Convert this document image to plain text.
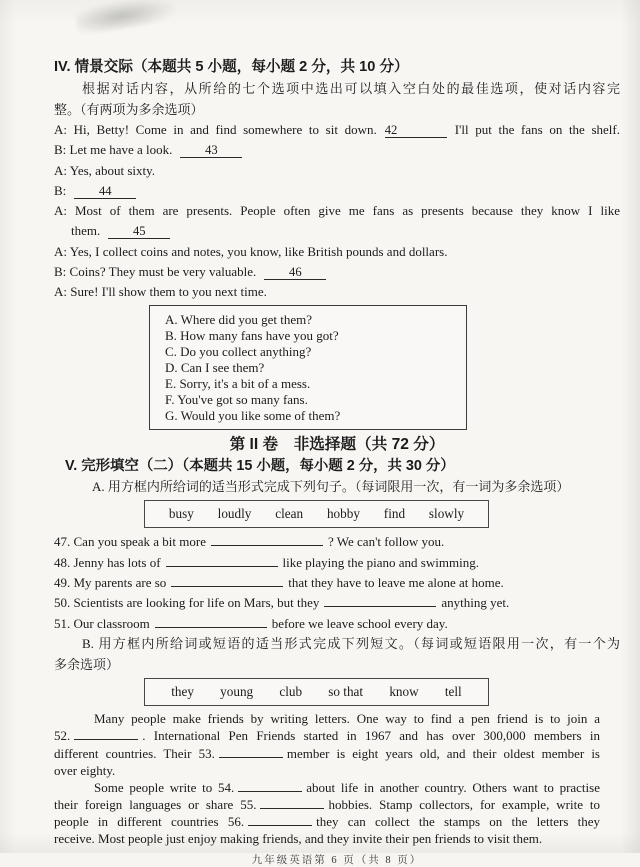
IV. 情景交际（本题共 5 小题，每小题 2 分，共 10 分）
根据对话内容，从所给的七个选项中选出可以填入空白处的最佳选项，使对话内容完
整。（有两项为多余选项）
A: Hi, Betty! Come in and find somewhere to sit down. 42	I'll put the fans on the shelf.
B: Let me have a look.	43
A: Yes, about sixty.
B:	44
A: Most of them are presents. People often give me fans as presents because they know I like
them.	45
A: Yes, I collect coins and notes, you know, like British pounds and dollars.
B: Coins? They must be very valuable.	46
A: Sure! I'll show them to you next time.
A. Where did you get them?
B. How many fans have you got?
C. Do you collect anything?
D. Can I see them?
E. Sorry, it's a bit of a mess.
F. You've got so many fans.
G. Would you like some of them?
第 II 卷　非选择题（共 72 分）
V. 完形填空（二）（本题共 15 小题，每小题 2 分，共 30 分）
A. 用方框内所给词的适当形式完成下列句子。（每词限用一次，有一词为多余选项）
busy loudly clean hobby find slowly
47. Can you speak a bit more	? We can't follow you.
48. Jenny has lots of	like playing the piano and swimming.
49. My parents are so	that they have to leave me alone at home.
50. Scientists are looking for life on Mars, but they	anything yet.
51. Our classroom	before we leave school every day.
B. 用方框内所给词或短语的适当形式完成下列短文。（每词或短语限用一次，有一个为
多余选项）
they young club so that know tell
Many people make friends by writing letters. One way to find a pen friend is to join a
52.	. International Pen Friends started in 1967 and has over 300,000 members in
different countries. Their 53.	member is eight years old, and their oldest member is
over eighty.
Some people write to 54.	about life in another country. Others want to practise
their foreign languages or share 55.	hobbies. Stamp collectors, for example, write to
people in different countries 56.	they can collect the stamps on the letters they
receive. Most people just enjoy making friends, and they invite their pen friends to visit them.
九年级英语第 6 页（共 8 页）
